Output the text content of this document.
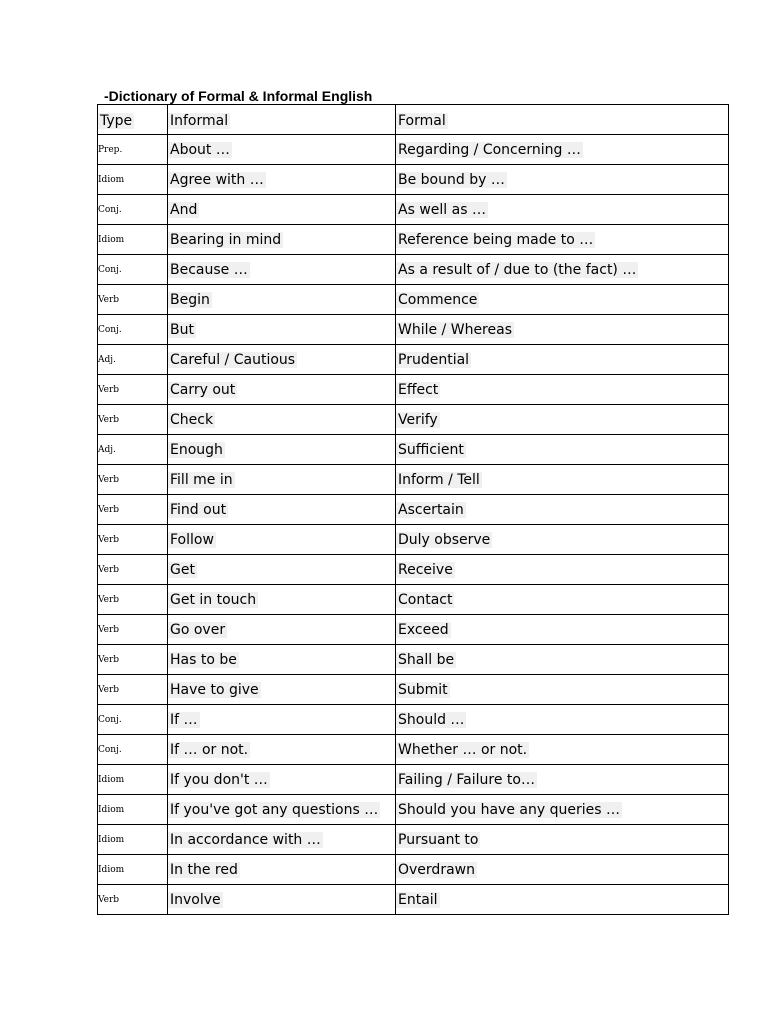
-Dictionary of Formal & Informal English
Type	Informal	Formal
Prep.	About …	Regarding / Concerning …
Idiom	Agree with …	Be bound by …
Conj.	And	As well as …
Idiom	Bearing in mind	Reference being made to …
Conj.	Because …	As a result of / due to (the fact) …
Verb	Begin	Commence
Conj.	But	While / Whereas
Adj.	Careful / Cautious	Prudential
Verb	Carry out	Effect
Verb	Check	Verify
Adj.	Enough	Sufficient
Verb	Fill me in	Inform / Tell
Verb	Find out	Ascertain
Verb	Follow	Duly observe
Verb	Get	Receive
Verb	Get in touch	Contact
Verb	Go over	Exceed
Verb	Has to be	Shall be
Verb	Have to give	Submit
Conj.	If …	Should …
Conj.	If … or not.	Whether … or not.
Idiom	If you don't …	Failing / Failure to…
Idiom	If you've got any questions …	Should you have any queries …
Idiom	In accordance with …	Pursuant to
Idiom	In the red	Overdrawn
Verb	Involve	Entail
